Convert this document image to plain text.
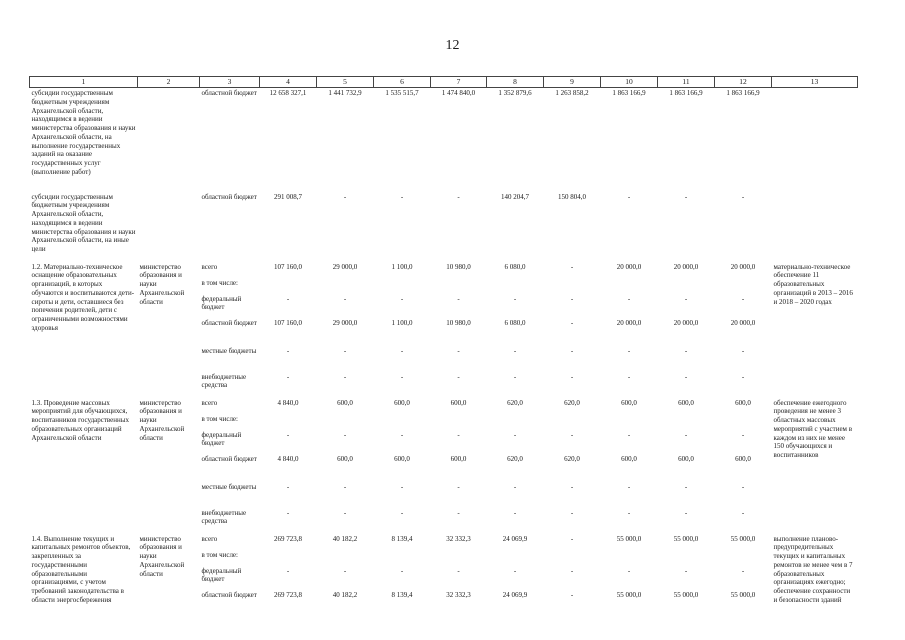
12
1	2	3	4	5	6	7	8	9	10	11	12	13
субсидии государственным бюджетным учреждениям Архангельской области, находящимся в ведении министерства образования и науки Архангельской области, на выполнение государственных заданий на оказание государственных услуг (выполнение работ)		областной бюджет	12 658 327,1	1 441 732,9	1 535 515,7	1 474 840,0	1 352 879,6	1 263 858,2	1 863 166,9	1 863 166,9	1 863 166,9	
субсидии государственным бюджетным учреждениям Архангельской области, находящимся в ведении министерства образования и науки Архангельской области, на иные цели		областной бюджет	291 008,7	-	-	-	140 204,7	150 804,0	-	-	-	
1.2. Материально-техническое оснащение образовательных организаций, в которых обучаются и воспитываются дети-сироты и дети, оставшиеся без попечения родителей, дети с ограниченными возможностями здоровья	министерство образования и науки Архангельской области	всего	107 160,0	29 000,0	1 100,0	10 980,0	6 080,0	-	20 000,0	20 000,0	20 000,0	материально-техническое обеспечение 11 образовательных организаций в 2013 – 2016 и 2018 – 2020 годах
		в том числе:									
		федеральный бюджет	-	-	-	-	-	-	-	-	-
		областной бюджет	107 160,0	29 000,0	1 100,0	10 980,0	6 080,0	-	20 000,0	20 000,0	20 000,0
		местные бюджеты	-	-	-	-	-	-	-	-	-
		внебюджетные средства	-	-	-	-	-	-	-	-	-
1.3. Проведение массовых мероприятий для обучающихся, воспитанников государственных образовательных организаций Архангельской области	министерство образования и науки Архангельской области	всего	4 840,0	600,0	600,0	600,0	620,0	620,0	600,0	600,0	600,0	обеспечение ежегодного проведения не менее 3 областных массовых мероприятий с участием в каждом из них не менее 150 обучающихся и воспитанников
		в том числе:									
		федеральный бюджет	-	-	-	-	-	-	-	-	-
		областной бюджет	4 840,0	600,0	600,0	600,0	620,0	620,0	600,0	600,0	600,0
		местные бюджеты	-	-	-	-	-	-	-	-	-
		внебюджетные средства	-	-	-	-	-	-	-	-	-
1.4. Выполнение текущих и капитальных ремонтов объектов, закрепленных за государственными образовательными организациями, с учетом требований законодательства в области энергосбережения	министерство образования и науки Архангельской области	всего	269 723,8	40 182,2	8 139,4	32 332,3	24 069,9	-	55 000,0	55 000,0	55 000,0	выполнение планово-предупредительных текущих и капитальных ремонтов не менее чем в 7 образовательных организациях ежегодно; обеспечение сохранности и безопасности зданий
		в том числе:									
		федеральный бюджет	-	-	-	-	-	-	-	-	-
		областной бюджет	269 723,8	40 182,2	8 139,4	32 332,3	24 069,9	-	55 000,0	55 000,0	55 000,0
